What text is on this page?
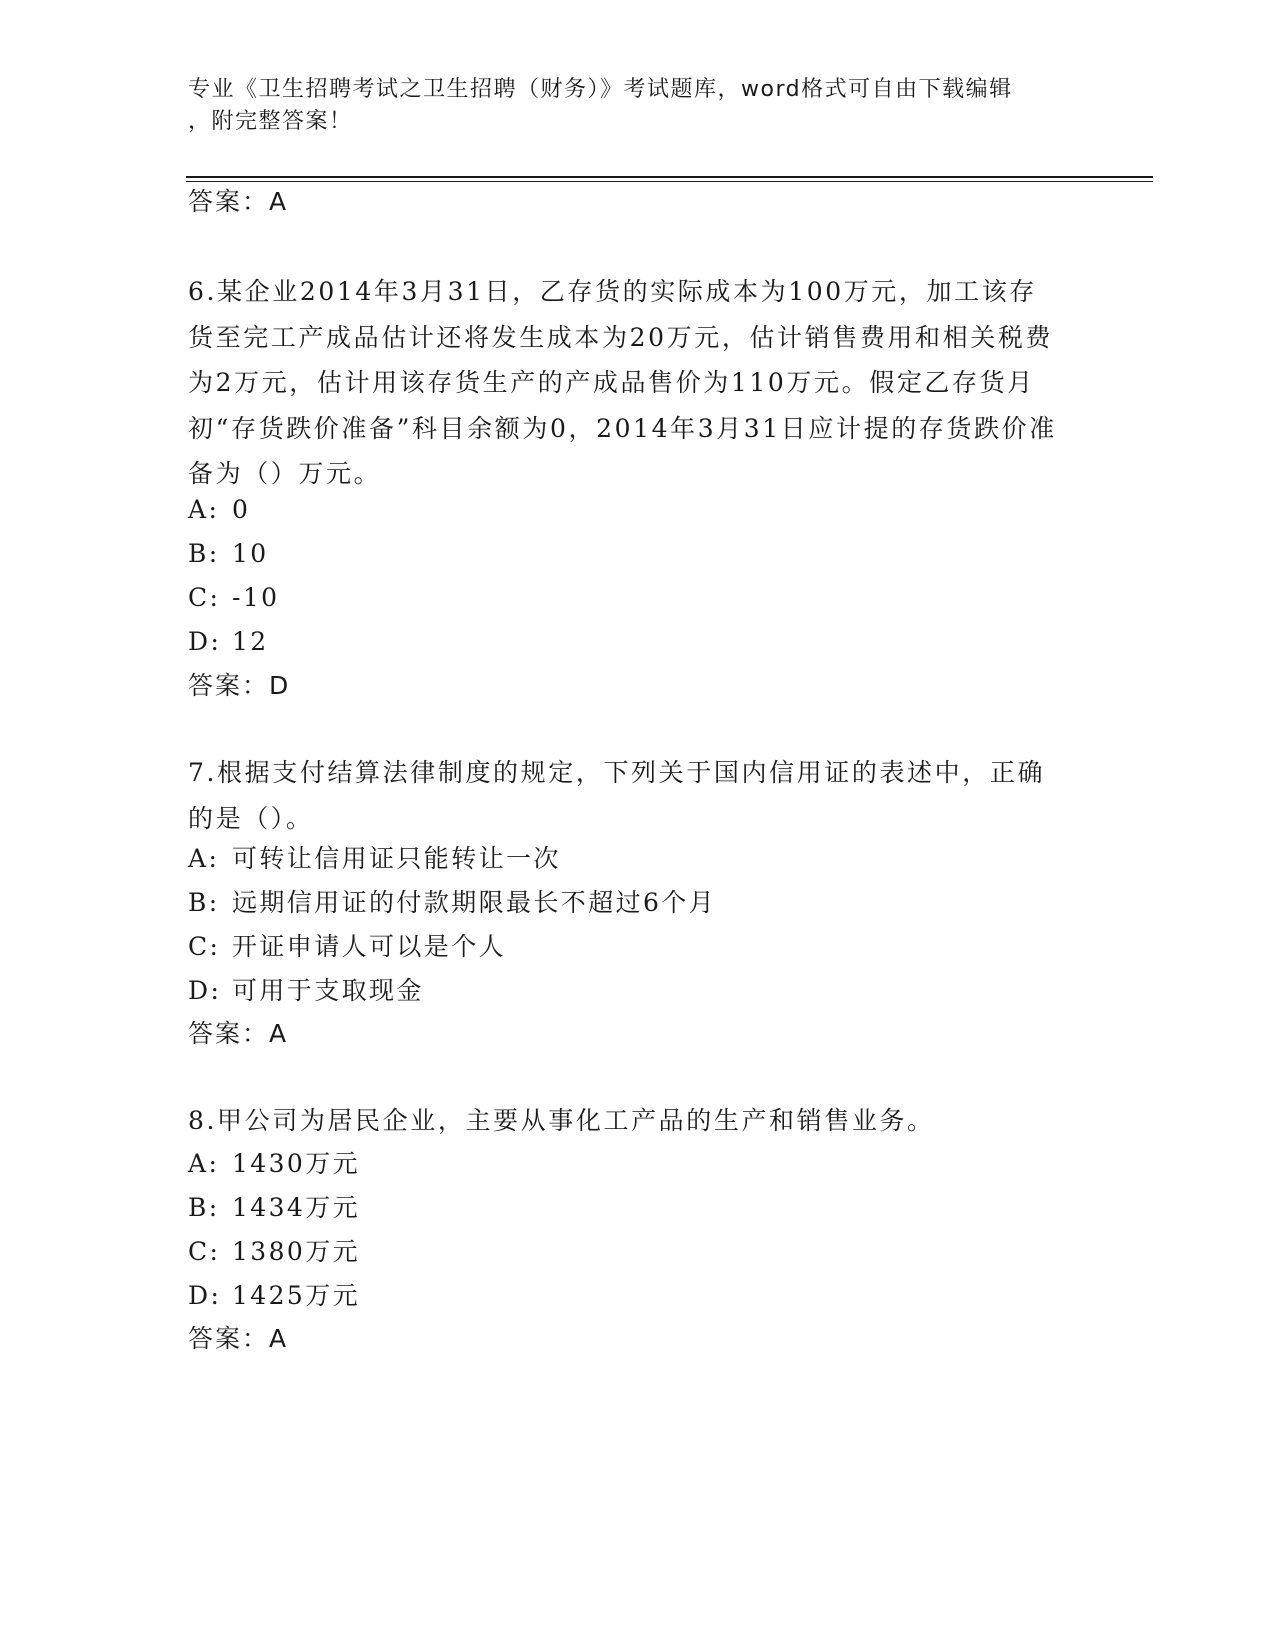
专业《卫生招聘考试之卫生招聘（财务）》考试题库，word格式可自由下载编辑
，附完整答案！
答案：A
6.某企业2014年3月31日，乙存货的实际成本为100万元，加工该存货至完工产成品估计还将发生成本为20万元，估计销售费用和相关税费为2万元，估计用该存货生产的产成品售价为110万元。假定乙存货月初“存货跌价准备”科目余额为0，2014年3月31日应计提的存货跌价准备为（）万元。
A: 0
B: 10
C: -10
D: 12
答案：D
7.根据支付结算法律制度的规定，下列关于国内信用证的表述中，正确的是（）。
A: 可转让信用证只能转让一次
B: 远期信用证的付款期限最长不超过6个月
C: 开证申请人可以是个人
D: 可用于支取现金
答案：A
8.甲公司为居民企业，主要从事化工产品的生产和销售业务。
A: 1430万元
B: 1434万元
C: 1380万元
D: 1425万元
答案：A
